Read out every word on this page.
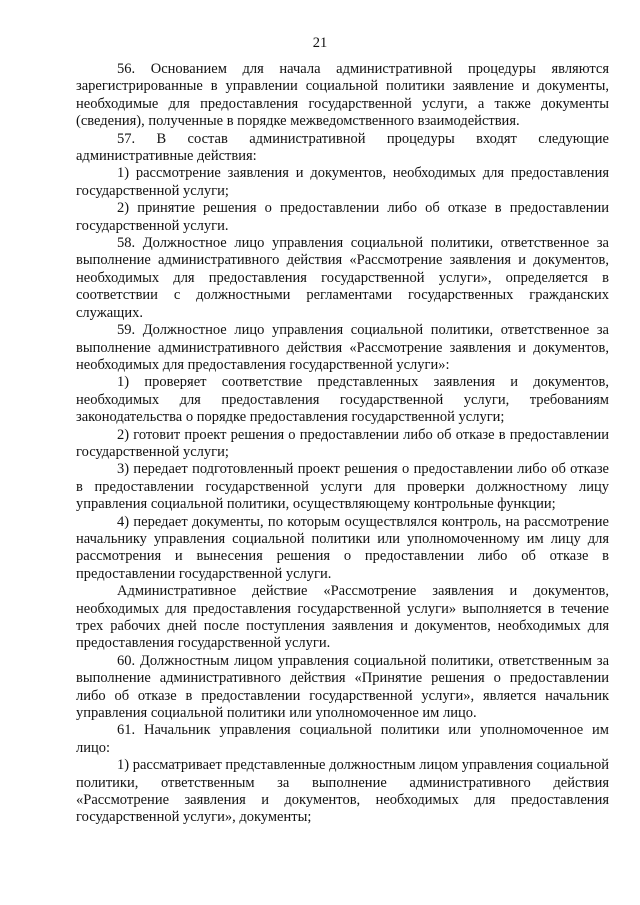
21

56. Основанием для начала административной процедуры являются зарегистрированные в управлении социальной политики заявление и документы, необходимые для предоставления государственной услуги, а также документы (сведения), полученные в порядке межведомственного взаимодействия.

57. В состав административной процедуры входят следующие административные действия:

1) рассмотрение заявления и документов, необходимых для предоставления государственной услуги;

2) принятие решения о предоставлении либо об отказе в предоставлении государственной услуги.

58. Должностное лицо управления социальной политики, ответственное за выполнение административного действия «Рассмотрение заявления и документов, необходимых для предоставления государственной услуги», определяется в соответствии с должностными регламентами государственных гражданских служащих.

59. Должностное лицо управления социальной политики, ответственное за выполнение административного действия «Рассмотрение заявления и документов, необходимых для предоставления государственной услуги»:

1) проверяет соответствие представленных заявления и документов, необходимых для предоставления государственной услуги, требованиям законодательства о порядке предоставления государственной услуги;

2) готовит проект решения о предоставлении либо об отказе в предоставлении государственной услуги;

3) передает подготовленный проект решения о предоставлении либо об отказе в предоставлении государственной услуги для проверки должностному лицу управления социальной политики, осуществляющему контрольные функции;

4) передает документы, по которым осуществлялся контроль, на рассмотрение начальнику управления социальной политики или уполномоченному им лицу для рассмотрения и вынесения решения о предоставлении либо об отказе в предоставлении государственной услуги.

Административное действие «Рассмотрение заявления и документов, необходимых для предоставления государственной услуги» выполняется в течение трех рабочих дней после поступления заявления и документов, необходимых для предоставления государственной услуги.

60. Должностным лицом управления социальной политики, ответственным за выполнение административного действия «Принятие решения о предоставлении либо об отказе в предоставлении государственной услуги», является начальник управления социальной политики или уполномоченное им лицо.

61. Начальник управления социальной политики или уполномоченное им лицо:

1) рассматривает представленные должностным лицом управления социальной политики, ответственным за выполнение административного действия «Рассмотрение заявления и документов, необходимых для предоставления государственной услуги», документы;
